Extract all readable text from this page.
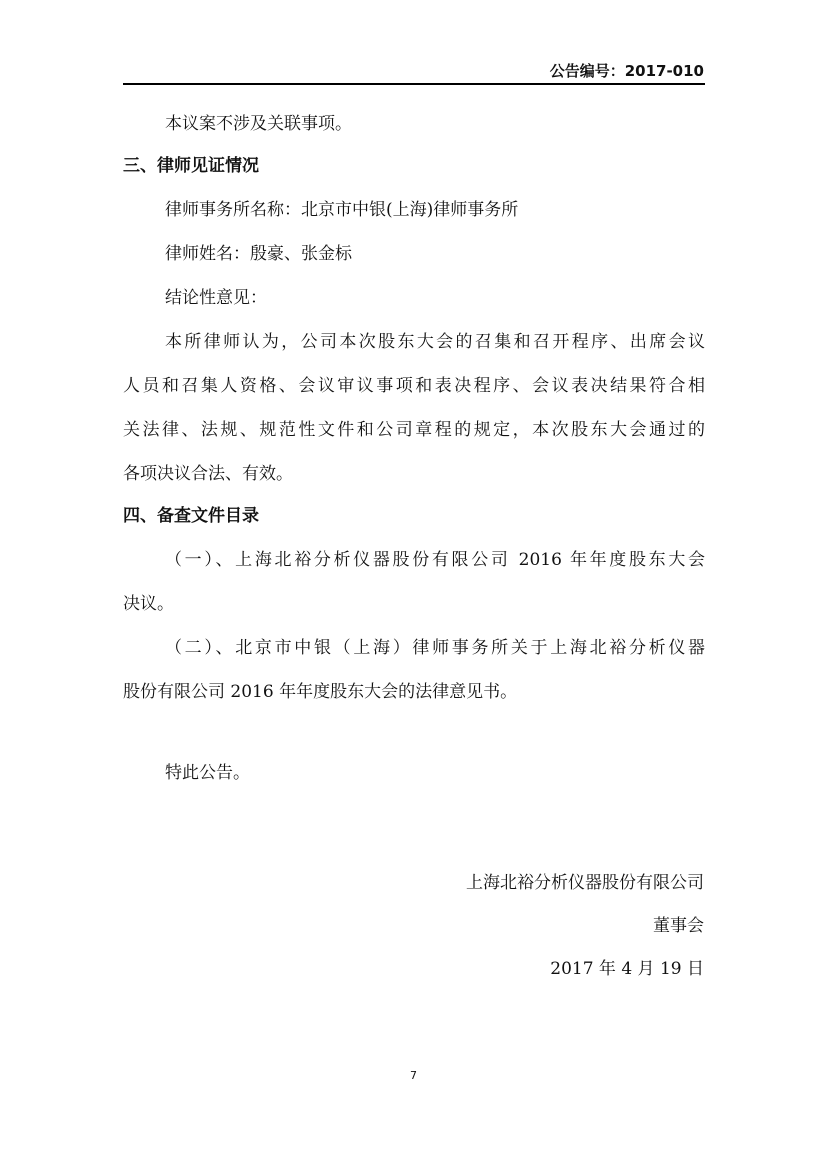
公告编号：2017-010
本议案不涉及关联事项。
三、律师见证情况
律师事务所名称：北京市中银(上海)律师事务所
律师姓名：殷豪、张金标
结论性意见：
本所律师认为，公司本次股东大会的召集和召开程序、出席会议
人员和召集人资格、会议审议事项和表决程序、会议表决结果符合相
关法律、法规、规范性文件和公司章程的规定，本次股东大会通过的
各项决议合法、有效。
四、备查文件目录
（一）、上海北裕分析仪器股份有限公司 2016 年年度股东大会
决议。
（二）、北京市中银（上海）律师事务所关于上海北裕分析仪器
股份有限公司 2016 年年度股东大会的法律意见书。
特此公告。
上海北裕分析仪器股份有限公司
董事会
2017 年 4 月 19 日
7
